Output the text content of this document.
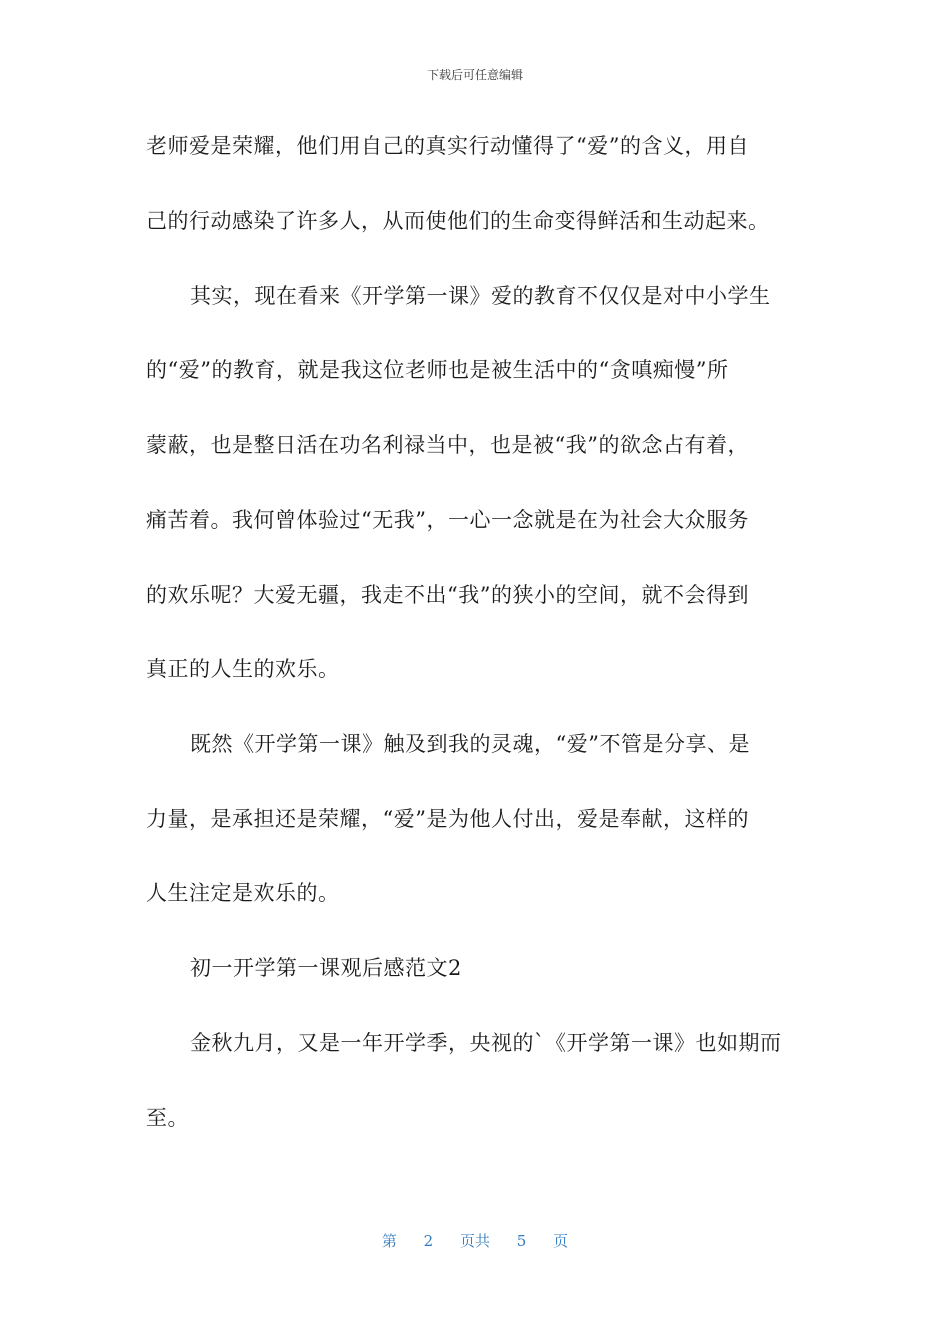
下载后可任意编辑
老师爱是荣耀，他们用自己的真实行动懂得了“爱”的含义，用自
己的行动感染了许多人，从而使他们的生命变得鲜活和生动起来。
其实，现在看来《开学第一课》爱的教育不仅仅是对中小学生
的“爱”的教育，就是我这位老师也是被生活中的“贪嗔痴慢”所
蒙蔽，也是整日活在功名利禄当中，也是被“我”的欲念占有着，
痛苦着。我何曾体验过“无我”，一心一念就是在为社会大众服务
的欢乐呢？大爱无疆，我走不出“我”的狭小的空间，就不会得到
真正的人生的欢乐。
既然《开学第一课》触及到我的灵魂，“爱”不管是分享、是
力量，是承担还是荣耀，“爱”是为他人付出，爱是奉献，这样的
人生注定是欢乐的。
初一开学第一课观后感范文2
金秋九月，又是一年开学季，央视的`《开学第一课》也如期而
至。
第 2 页共 5 页
